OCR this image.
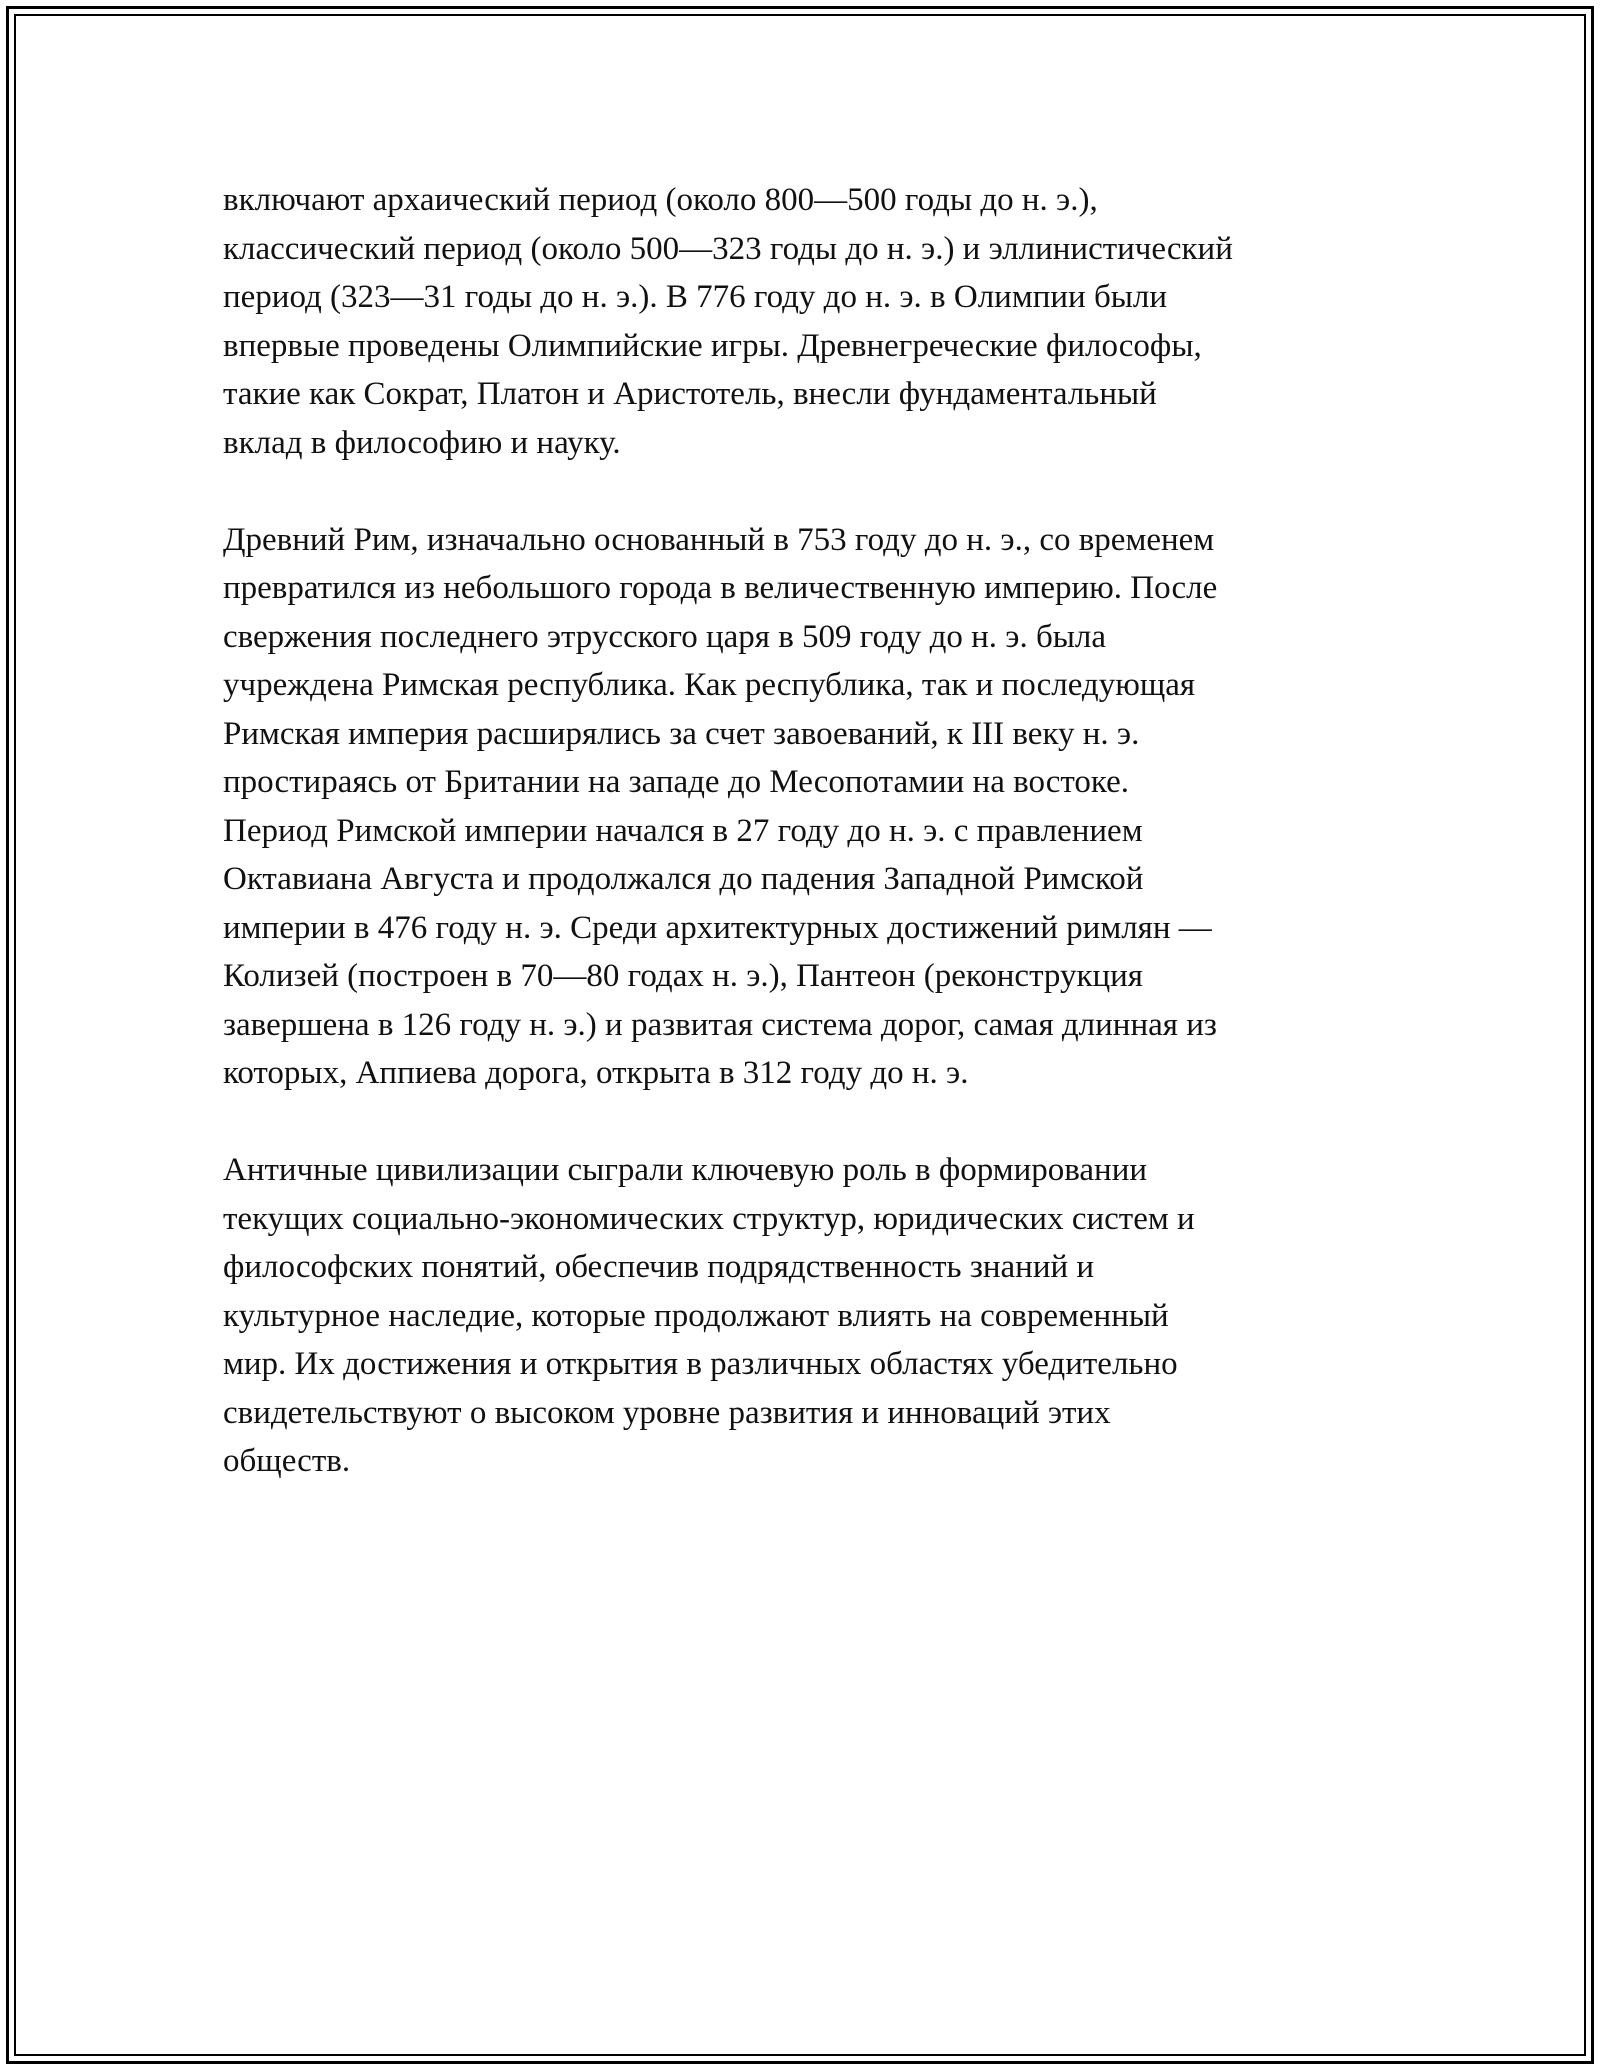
включают архаический период (около 800—500 годы до н. э.),
классический период (около 500—323 годы до н. э.) и эллинистический
период (323—31 годы до н. э.). В 776 году до н. э. в Олимпии были
впервые проведены Олимпийские игры. Древнегреческие философы,
такие как Сократ, Платон и Аристотель, внесли фундаментальный
вклад в философию и науку.

Древний Рим, изначально основанный в 753 году до н. э., со временем
превратился из небольшого города в величественную империю. После
свержения последнего этрусского царя в 509 году до н. э. была
учреждена Римская республика. Как республика, так и последующая
Римская империя расширялись за счет завоеваний, к III веку н. э.
простираясь от Британии на западе до Месопотамии на востоке.
Период Римской империи начался в 27 году до н. э. с правлением
Октавиана Августа и продолжался до падения Западной Римской
империи в 476 году н. э. Среди архитектурных достижений римлян —
Колизей (построен в 70—80 годах н. э.), Пантеон (реконструкция
завершена в 126 году н. э.) и развитая система дорог, самая длинная из
которых, Аппиева дорога, открыта в 312 году до н. э.

Античные цивилизации сыграли ключевую роль в формировании
текущих социально-экономических структур, юридических систем и
философских понятий, обеспечив подрядственность знаний и
культурное наследие, которые продолжают влиять на современный
мир. Их достижения и открытия в различных областях убедительно
свидетельствуют о высоком уровне развития и инноваций этих
обществ.
